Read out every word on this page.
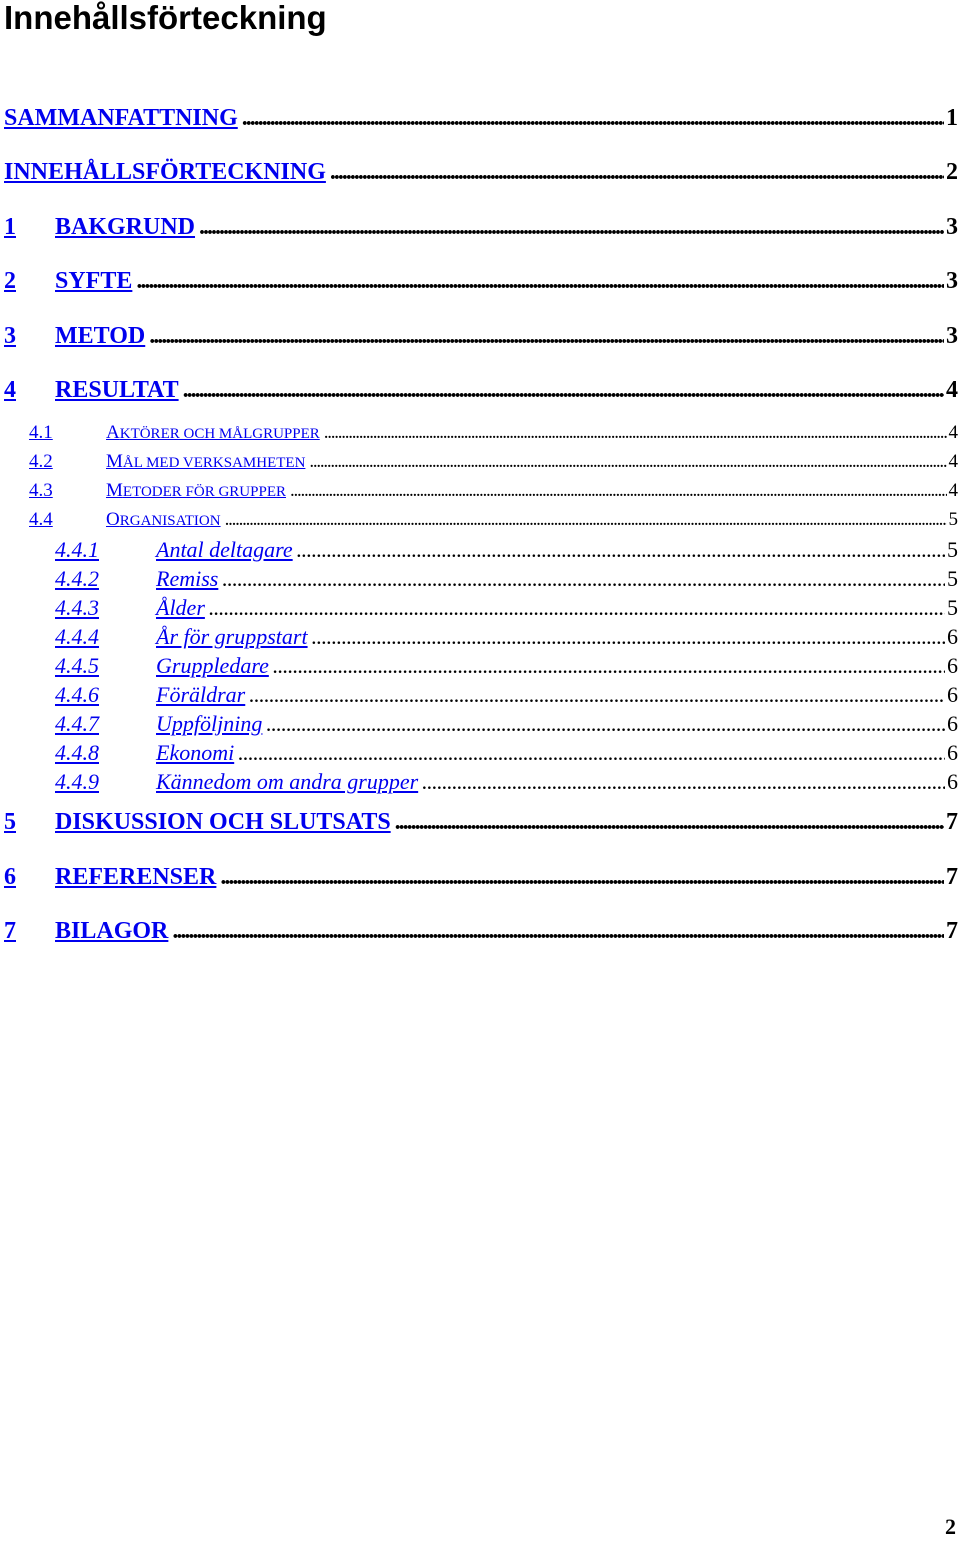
Innehållsförteckning
SAMMANFATTNING . . .	1
INNEHÅLLSFÖRTECKNING . . .	2
1 BAKGRUND . . .	3
2 SYFTE . . .	3
3 METOD . . .	3
4 RESULTAT . . .	4
4.1	AKTÖRER OCH MÅLGRUPPER . . .	4
4.2	MÅL MED VERKSAMHETEN . . .	4
4.3	METODER FÖR GRUPPER . . .	4
4.4	ORGANISATION . . .	5
4.4.1	Antal deltagare . . .	5
4.4.2	Remiss . . .	5
4.4.3	Ålder . . .	5
4.4.4	År för gruppstart . . .	6
4.4.5	Gruppledare . . .	6
4.4.6	Föräldrar . . .	6
4.4.7	Uppföljning . . .	6
4.4.8	Ekonomi . . .	6
4.4.9	Kännedom om andra grupper . . .	6
5 DISKUSSION OCH SLUTSATS . . .	7
6 REFERENSER . . .	7
7 BILAGOR . . .	7
2
